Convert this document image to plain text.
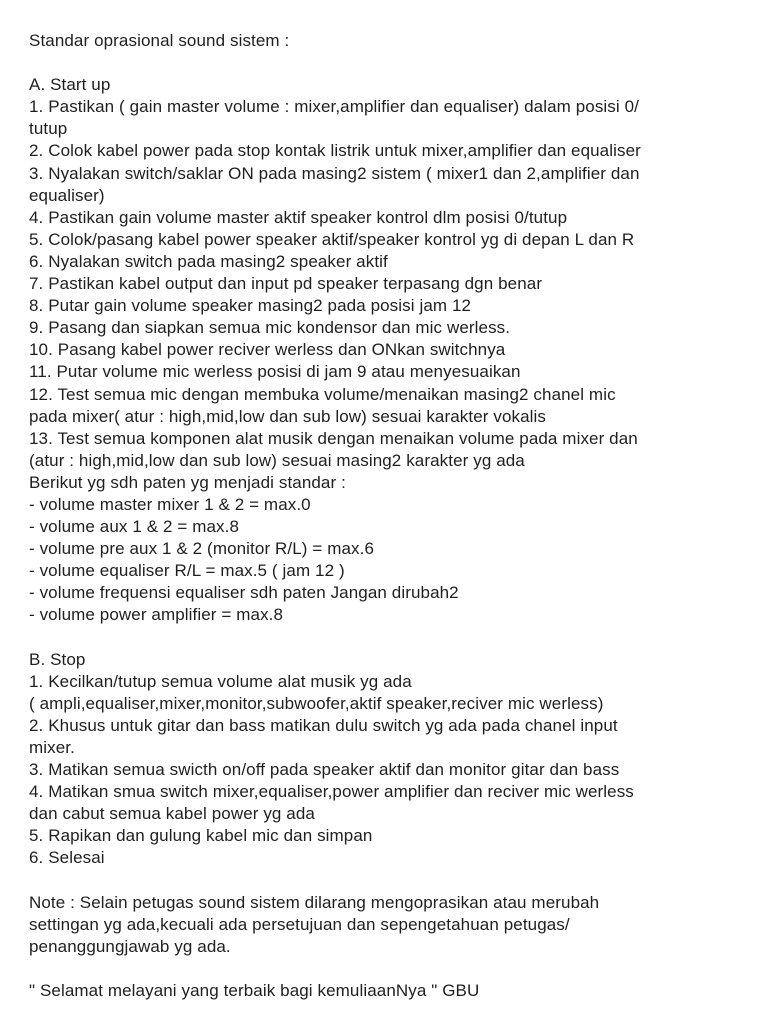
Standar oprasional sound sistem :
A. Start up
1. Pastikan ( gain master volume : mixer,amplifier dan equaliser) dalam posisi 0/
tutup
2. Colok kabel power pada stop kontak listrik untuk mixer,amplifier dan equaliser
3. Nyalakan switch/saklar ON pada masing2 sistem ( mixer1 dan 2,amplifier dan
equaliser)
4. Pastikan gain volume master aktif speaker kontrol dlm posisi 0/tutup
5. Colok/pasang kabel power speaker aktif/speaker kontrol yg di depan L dan R
6. Nyalakan switch pada masing2 speaker aktif
7. Pastikan kabel output dan input pd speaker terpasang dgn benar
8. Putar gain volume speaker masing2 pada posisi jam 12
9. Pasang dan siapkan semua mic kondensor dan mic werless.
10. Pasang kabel power reciver werless dan ONkan switchnya
11. Putar volume mic werless posisi di jam 9 atau menyesuaikan
12. Test semua mic dengan membuka volume/menaikan masing2 chanel mic
pada mixer( atur : high,mid,low dan sub low) sesuai karakter vokalis
13. Test semua komponen alat musik dengan menaikan volume pada mixer dan
(atur : high,mid,low dan sub low) sesuai masing2 karakter yg ada
Berikut yg sdh paten yg menjadi standar :
- volume master mixer 1 & 2 = max.0
- volume aux 1 & 2 = max.8
- volume pre aux 1 & 2 (monitor R/L) = max.6
- volume equaliser R/L = max.5 ( jam 12 )
- volume frequensi equaliser sdh paten Jangan dirubah2
- volume power amplifier = max.8
B. Stop
1. Kecilkan/tutup semua volume alat musik yg ada
( ampli,equaliser,mixer,monitor,subwoofer,aktif speaker,reciver mic werless)
2. Khusus untuk gitar dan bass matikan dulu switch yg ada pada chanel input
mixer.
3. Matikan semua swicth on/off pada speaker aktif dan monitor gitar dan bass
4. Matikan smua switch mixer,equaliser,power amplifier dan reciver mic werless
dan cabut semua kabel power yg ada
5. Rapikan dan gulung kabel mic dan simpan
6. Selesai
Note : Selain petugas sound sistem dilarang mengoprasikan atau merubah
settingan yg ada,kecuali ada persetujuan dan sepengetahuan petugas/
penanggungjawab yg ada.
" Selamat melayani yang terbaik bagi kemuliaanNya " GBU
